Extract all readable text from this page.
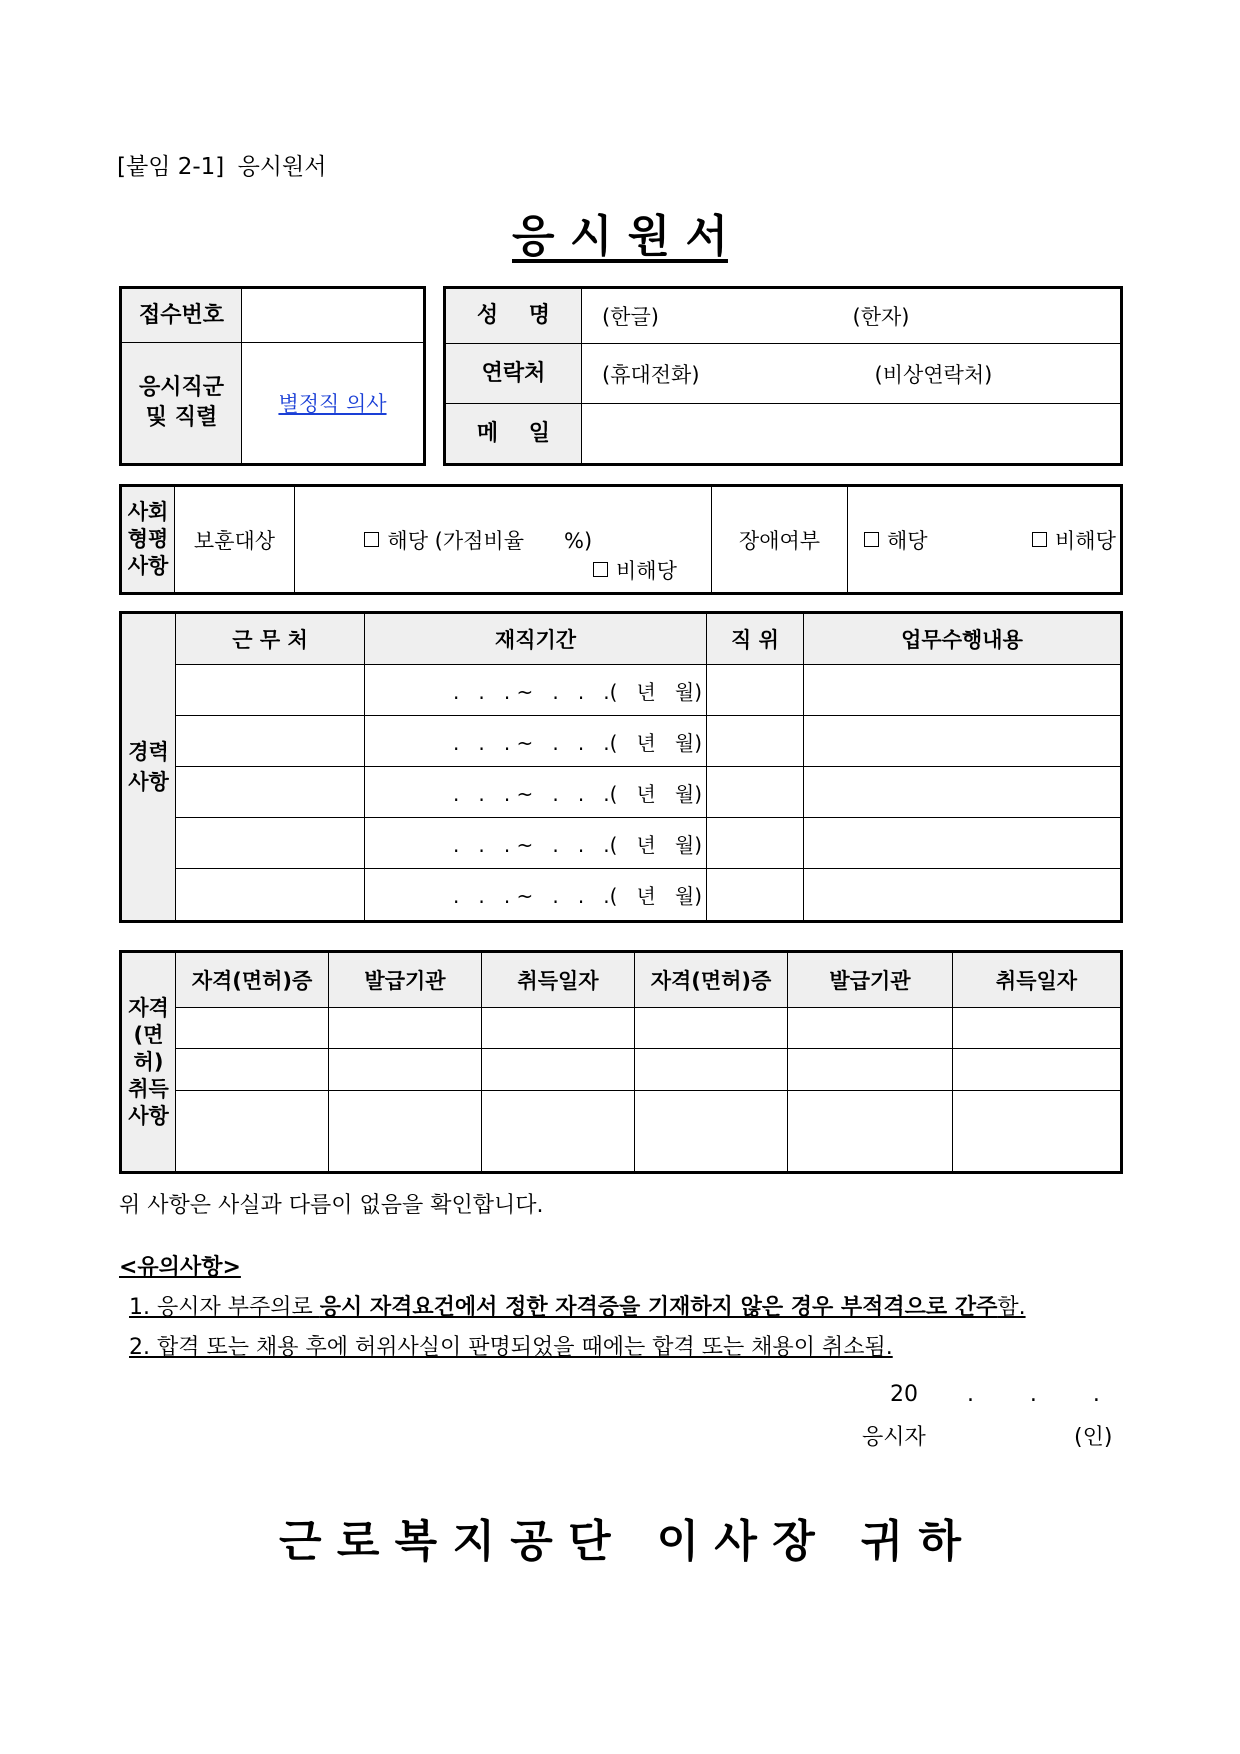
[붙임 2-1] 응시원서
응 시 원 서
접수번호	

응시직군
및 직렬	별정직 의사
성    명	(한글) (한자)

연락처	(휴대전화) (비상연락처)

메    일	
사회
형평
사항
	보훈대상	해당 (가점비율      %)

비해당
	장애여부	해당	비해당
경력
사항	근 무 처	재직기간	직 위	업무수행내용
		.   .   . ~   .   .   .(   년   월)		
		.   .   . ~   .   .   .(   년   월)		
		.   .   . ~   .   .   .(   년   월)		
		.   .   . ~   .   .   .(   년   월)		
		.   .   . ~   .   .   .(   년   월)		
자격
(면허)
취득
사항	자격(면허)증	발급기관	취득일자	자격(면허)증	발급기관	취득일자

위 사항은 사실과 다름이 없음을 확인합니다.
<유의사항>
1. 응시자 부주의로 응시 자격요건에서 정한 자격증을 기재하지 않은 경우 부적격으로 간주함.
2. 합격 또는 채용 후에 허위사실이 판명되었을 때에는 합격 또는 채용이 취소됨.
20       .        .        .
응시자	(인)
근 로 복 지 공 단   이 사 장   귀 하
